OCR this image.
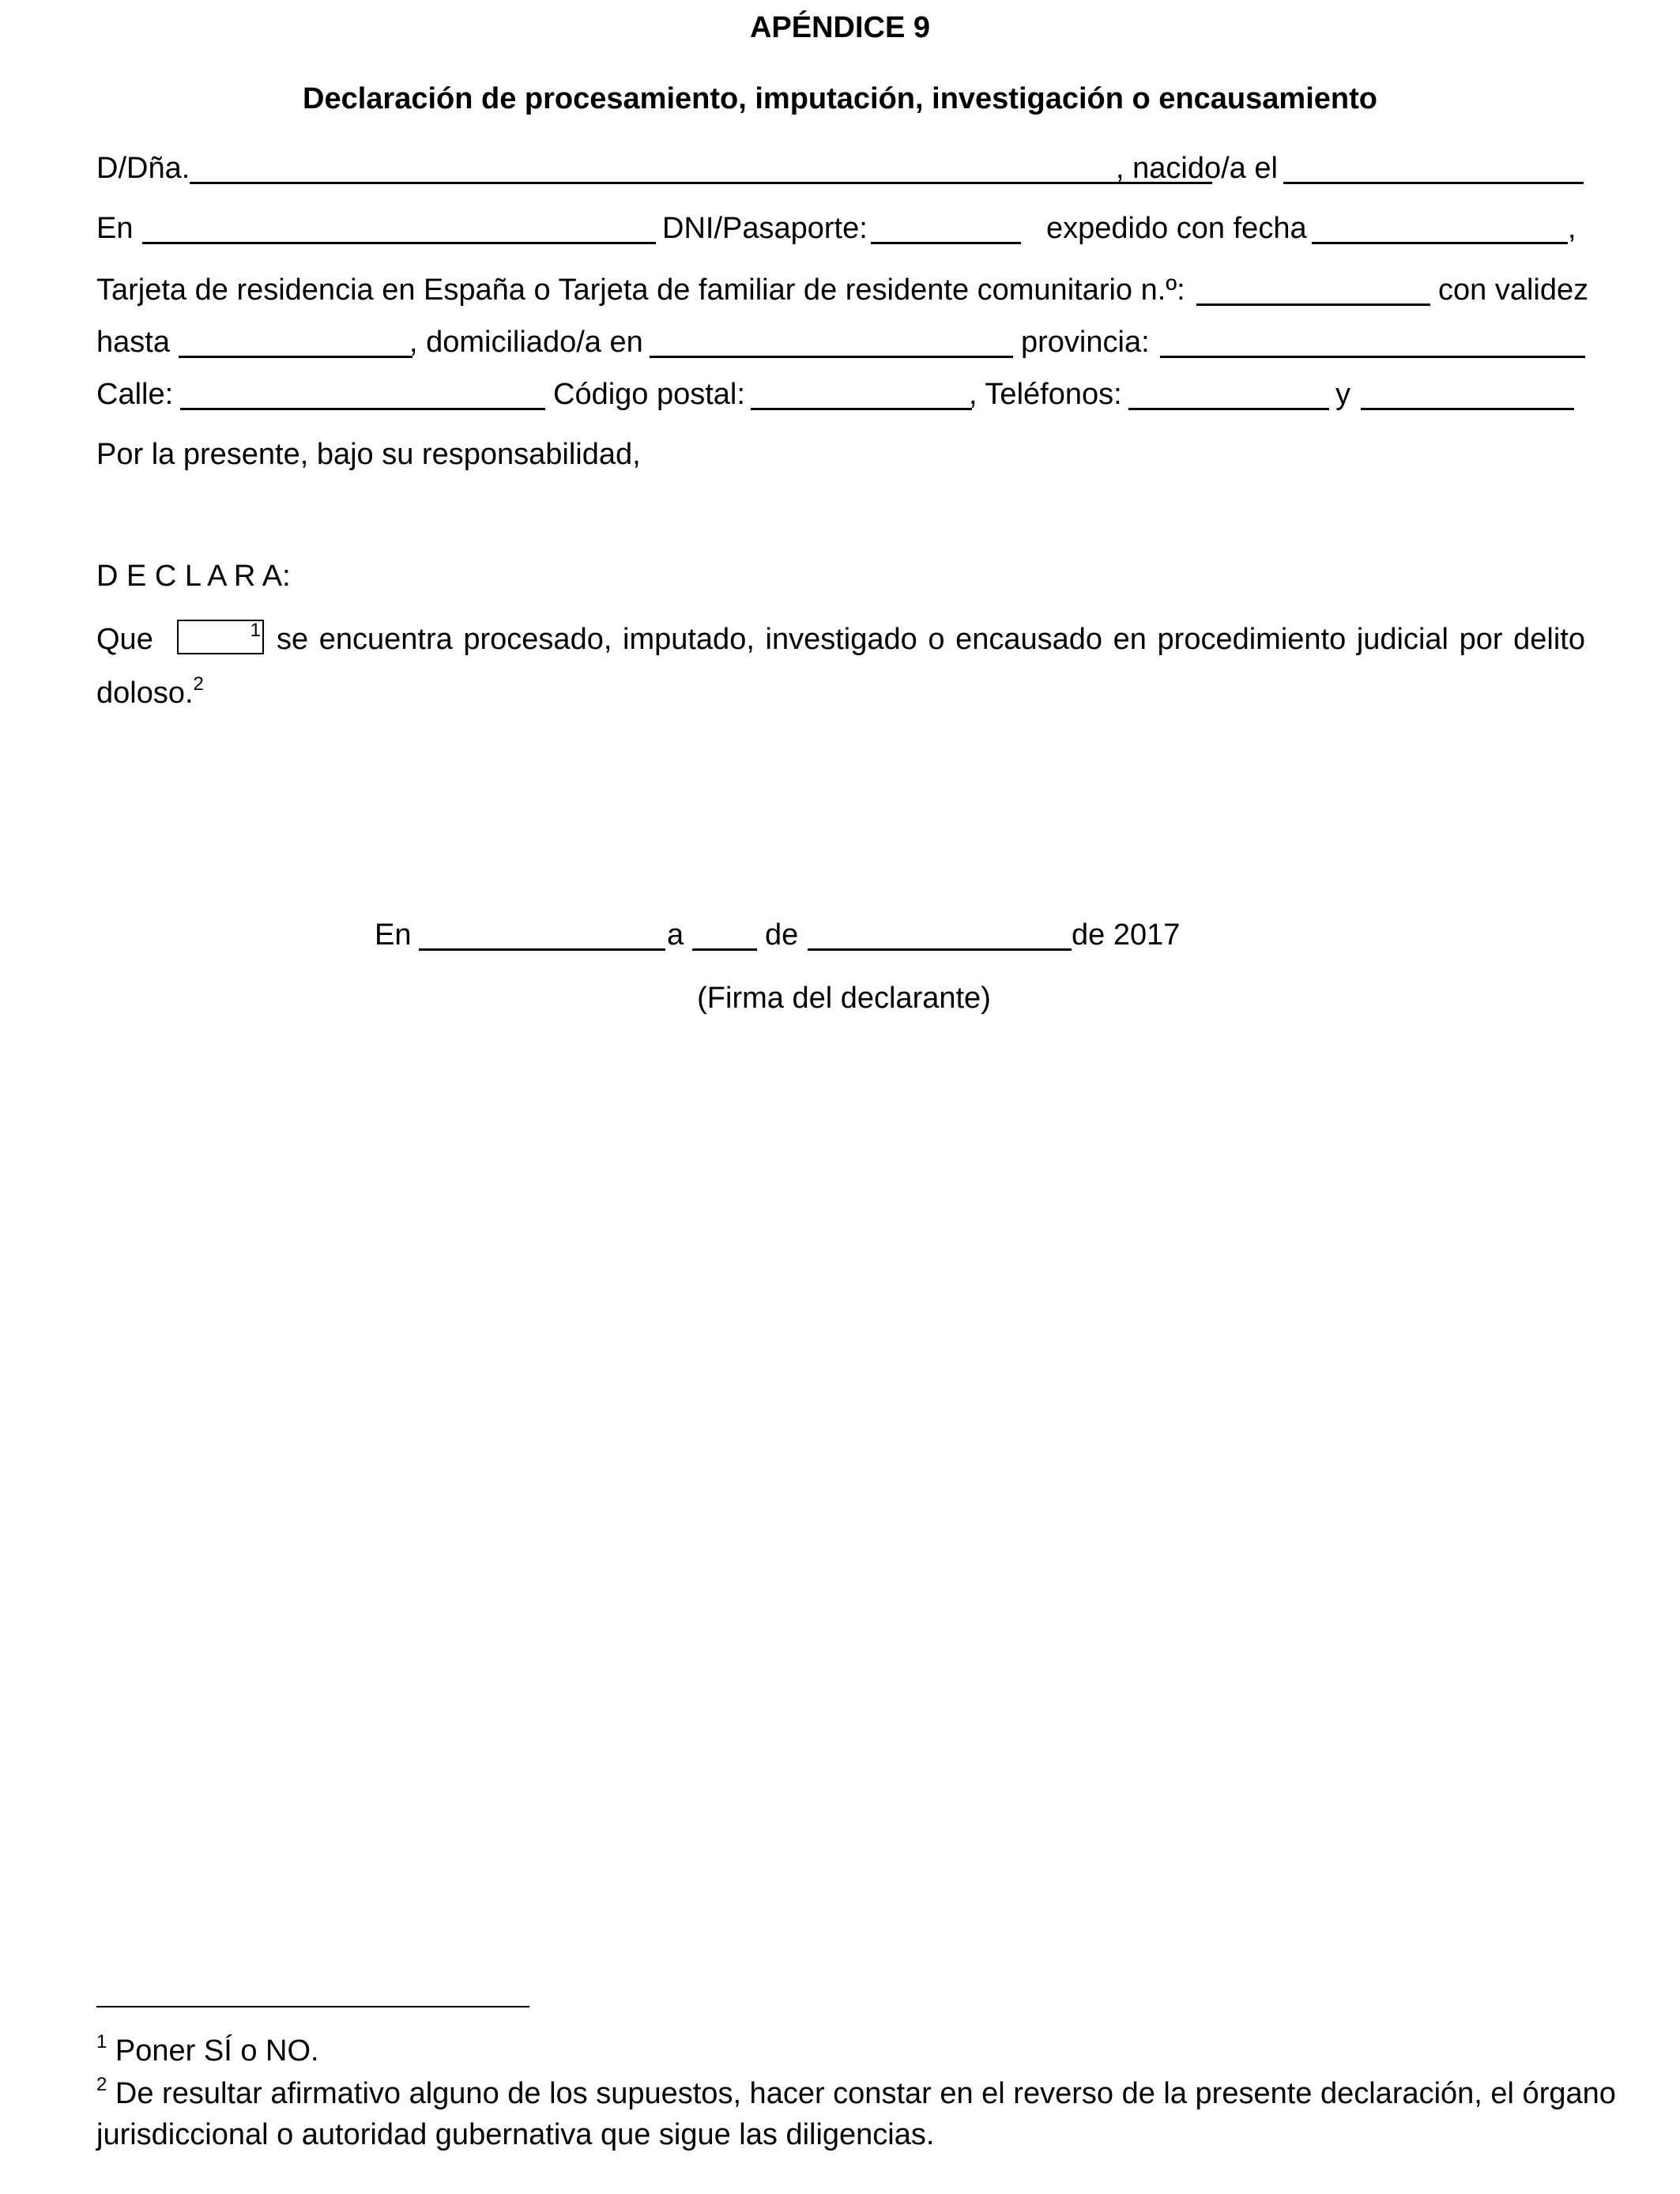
APÉNDICE 9
Declaración de procesamiento, imputación, investigación o encausamiento
D/Dña.	, nacido/a el
En	DNI/Pasaporte:	expedido con fecha	,
Tarjeta de residencia en España o Tarjeta de familiar de residente comunitario n.º:	con validez
hasta	, domiciliado/a en	provincia:
Calle:	Código postal:	, Teléfonos:	y
Por la presente, bajo su responsabilidad,
D E C L A R A:
Que	1 se encuentra procesado, imputado, investigado o encausado en procedimiento judicial por delito
doloso.$^2$
En	a	de	de 2017
(Firma del declarante)
$^1$ Poner SÍ o NO.
$^2$ De resultar afirmativo alguno de los supuestos, hacer constar en el reverso de la presente declaración, el órgano
jurisdiccional o autoridad gubernativa que sigue las diligencias.
